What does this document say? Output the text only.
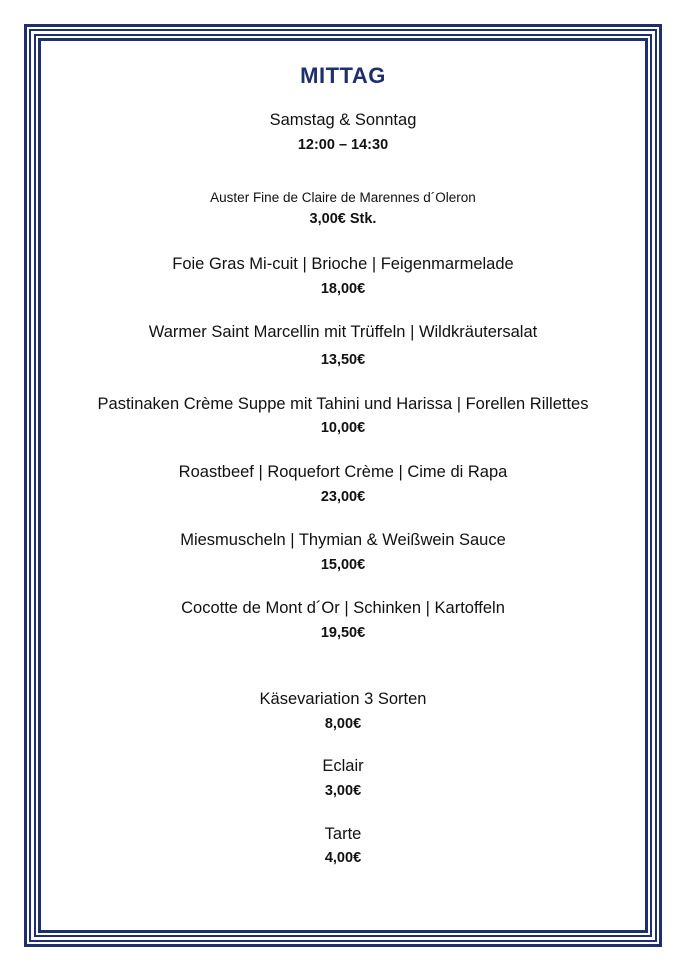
MITTAG
Samstag & Sonntag
12:00 – 14:30
Auster Fine de Claire de Marennes d´Oleron
3,00€ Stk.
Foie Gras Mi-cuit | Brioche | Feigenmarmelade
18,00€
Warmer Saint Marcellin mit Trüffeln | Wildkräutersalat
13,50€
Pastinaken Crème Suppe mit Tahini und Harissa | Forellen Rillettes
10,00€
Roastbeef | Roquefort Crème | Cime di Rapa
23,00€
Miesmuscheln | Thymian & Weißwein Sauce
15,00€
Cocotte de Mont d´Or | Schinken | Kartoffeln
19,50€
Käsevariation 3 Sorten
8,00€
Eclair
3,00€
Tarte
4,00€
